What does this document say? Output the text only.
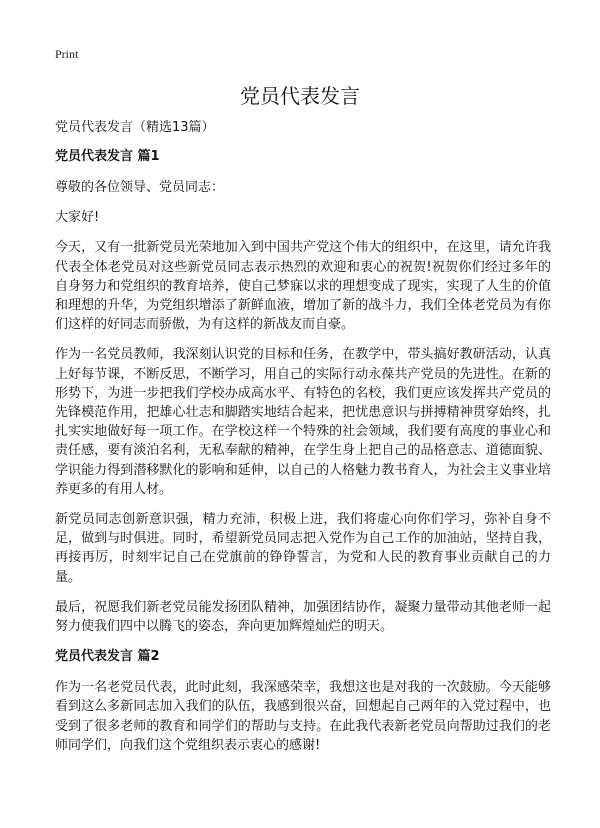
Print
党员代表发言

党员代表发言（精选13篇）

党员代表发言 篇1

尊敬的各位领导、党员同志：

大家好!

今天，又有一批新党员光荣地加入到中国共产党这个伟大的组织中，在这里，请允许我代表全体老党员对这些新党员同志表示热烈的欢迎和衷心的祝贺!祝贺你们经过多年的自身努力和党组织的教育培养，使自己梦寐以求的理想变成了现实，实现了人生的价值和理想的升华，为党组织增添了新鲜血液，增加了新的战斗力，我们全体老党员为有你们这样的好同志而骄傲，为有这样的新战友而自豪。

作为一名党员教师，我深刻认识党的目标和任务，在教学中，带头搞好教研活动，认真上好每节课，不断反思，不断学习，用自己的实际行动永葆共产党员的先进性。在新的形势下，为进一步把我们学校办成高水平、有特色的名校，我们更应该发挥共产党员的先锋模范作用，把雄心壮志和脚踏实地结合起来，把忧患意识与拼搏精神贯穿始终，扎扎实实地做好每一项工作。在学校这样一个特殊的社会领域，我们要有高度的事业心和责任感，要有淡泊名利，无私奉献的精神，在学生身上把自己的品格意志、道德面貌、学识能力得到潜移默化的影响和延伸，以自己的人格魅力教书育人，为社会主义事业培养更多的有用人材。

新党员同志创新意识强，精力充沛，积极上进，我们将虚心向你们学习，弥补自身不足，做到与时俱进。同时，希望新党员同志把入党作为自己工作的加油站，坚持自我，再接再厉，时刻牢记自己在党旗前的铮铮誓言，为党和人民的教育事业贡献自己的力量。

最后，祝愿我们新老党员能发扬团队精神，加强团结协作，凝聚力量带动其他老师一起努力使我们四中以腾飞的姿态，奔向更加辉煌灿烂的明天。

党员代表发言 篇2

作为一名老党员代表，此时此刻，我深感荣幸，我想这也是对我的一次鼓励。今天能够看到这么多新同志加入我们的队伍，我感到很兴奋，回想起自己两年的入党过程中，也受到了很多老师的教育和同学们的帮助与支持。在此我代表新老党员向帮助过我们的老师同学们，向我们这个党组织表示衷心的感谢!
